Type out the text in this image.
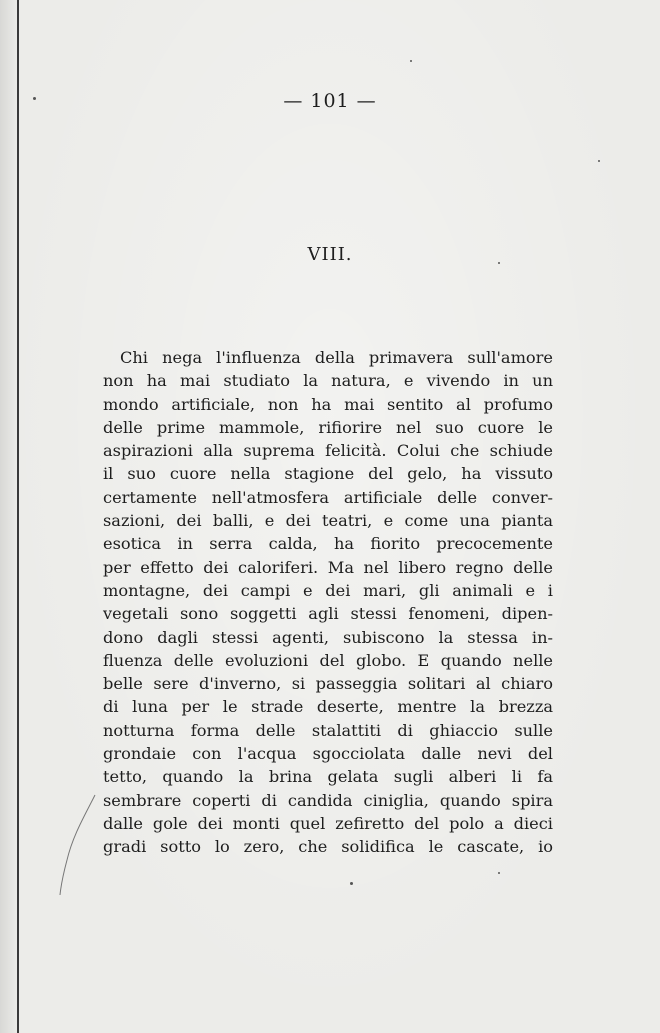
— 101 —
VIII.
Chi nega l'influenza della primavera sull'amore
non ha mai studiato la natura, e vivendo in un
mondo artificiale, non ha mai sentito al profumo
delle prime mammole, rifiorire nel suo cuore le
aspirazioni alla suprema felicità. Colui che schiude
il suo cuore nella stagione del gelo, ha vissuto
certamente nell'atmosfera artificiale delle conver-
sazioni, dei balli, e dei teatri, e come una pianta
esotica in serra calda, ha fiorito precocemente
per effetto dei caloriferi. Ma nel libero regno delle
montagne, dei campi e dei mari, gli animali e i
vegetali sono soggetti agli stessi fenomeni, dipen-
dono dagli stessi agenti, subiscono la stessa in-
fluenza delle evoluzioni del globo. E quando nelle
belle sere d'inverno, si passeggia solitari al chiaro
di luna per le strade deserte, mentre la brezza
notturna forma delle stalattiti di ghiaccio sulle
grondaie con l'acqua sgocciolata dalle nevi del
tetto, quando la brina gelata sugli alberi li fa
sembrare coperti di candida ciniglia, quando spira
dalle gole dei monti quel zefiretto del polo a dieci
gradi sotto lo zero, che solidifica le cascate, io
